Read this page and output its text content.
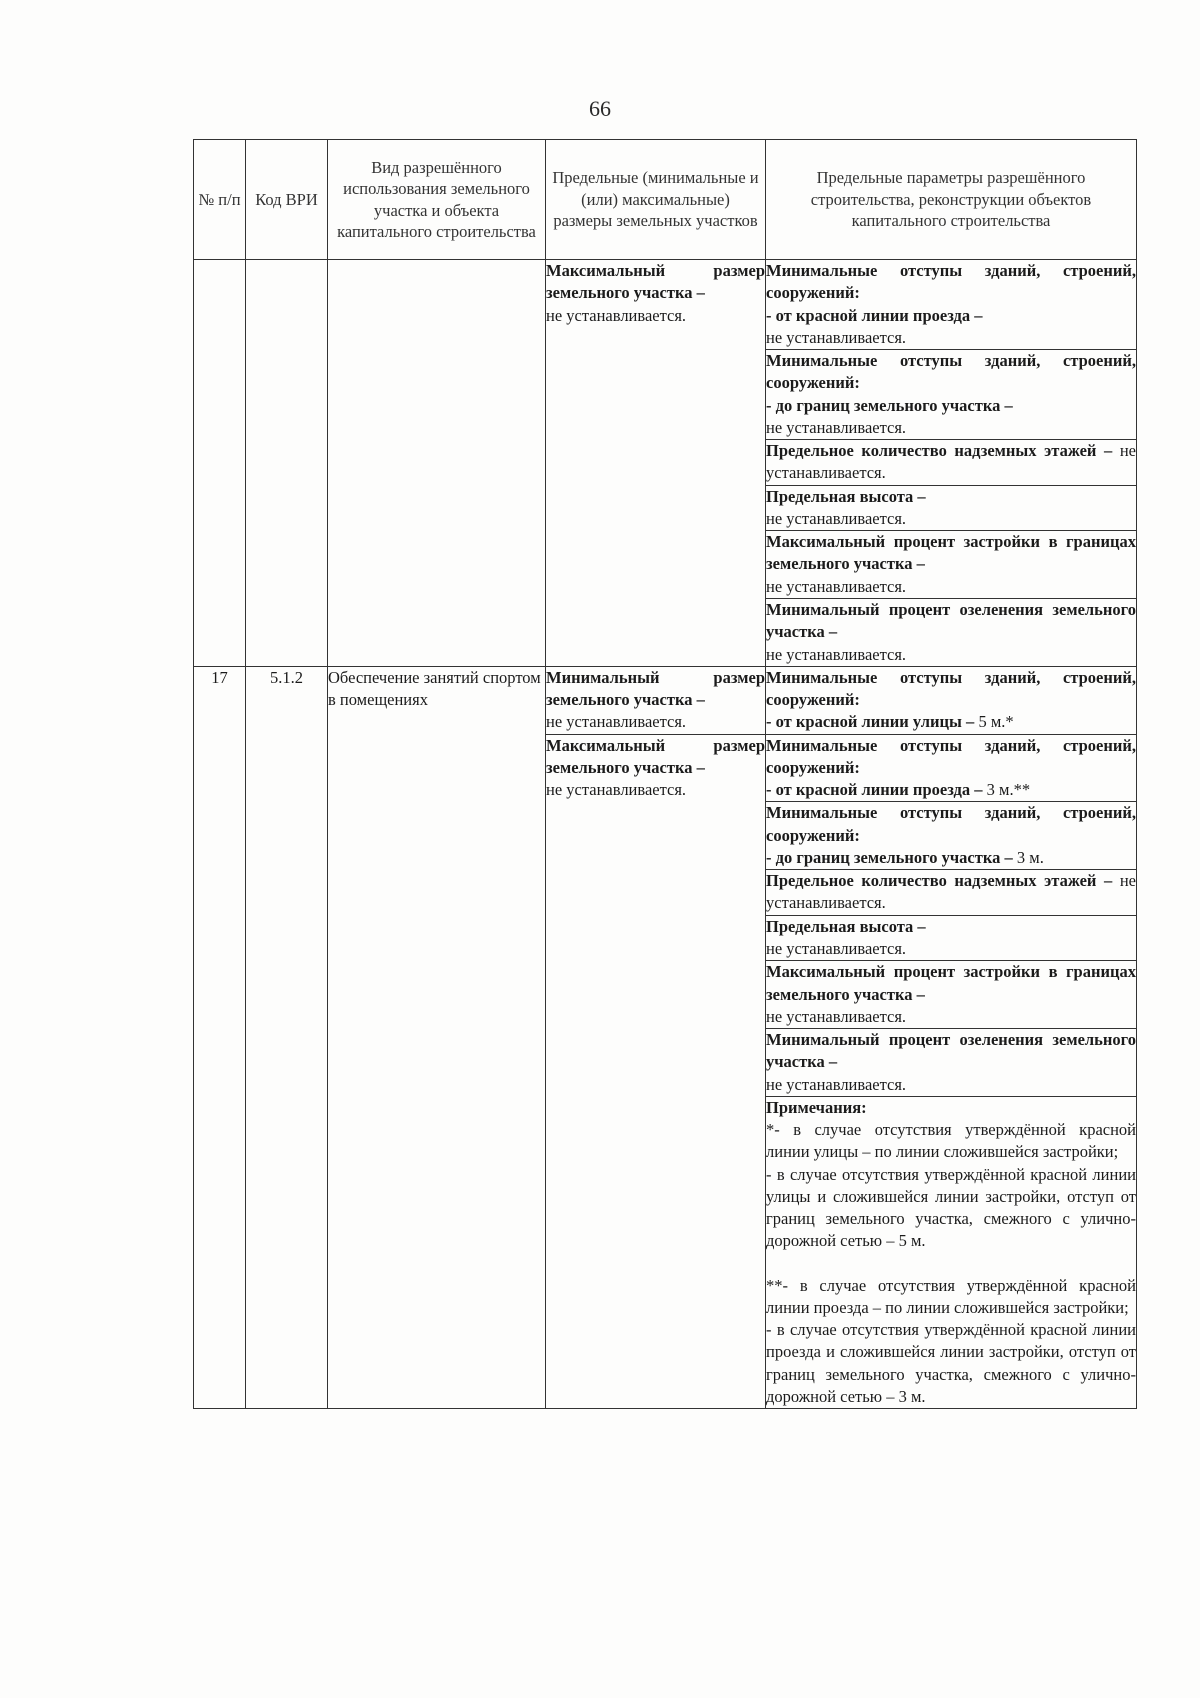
66
№ п/п	Код ВРИ	Вид разрешённого использования земельного участка и объекта капитального строительства	Предельные (минимальные и (или) максимальные) размеры земельных участков	Предельные параметры разрешённого строительства, реконструкции объектов капитального строительства
			Максимальный размер земельного участка –
не устанавливается.	Минимальные отступы зданий, строений, сооружений:
- от красной линии проезда –
не устанавливается.
				Минимальные отступы зданий, строений, сооружений:
- до границ земельного участка –
не устанавливается.
				Предельное количество надземных этажей – не устанавливается.
				Предельная высота –
не устанавливается.
				Максимальный процент застройки в границах земельного участка –
не устанавливается.
				Минимальный процент озеленения земельного участка –
не устанавливается.
17	5.1.2	Обеспечение занятий спортом в помещениях	Минимальный размер земельного участка –
не устанавливается.	Минимальные отступы зданий, строений, сооружений:
- от красной линии улицы – 5 м.*
			Максимальный размер земельного участка –
не устанавливается.	Минимальные отступы зданий, строений, сооружений:
- от красной линии проезда – 3 м.**
				Минимальные отступы зданий, строений, сооружений:
- до границ земельного участка – 3 м.
				Предельное количество надземных этажей – не устанавливается.
				Предельная высота –
не устанавливается.
				Максимальный процент застройки в границах земельного участка –
не устанавливается.
				Минимальный процент озеленения земельного участка –
не устанавливается.

				Примечания:
*- в случае отсутствия утверждённой красной линии улицы – по линии сложившейся застройки;
- в случае отсутствия утверждённой красной линии улицы и сложившейся линии застройки, отступ от границ земельного участка, смежного с улично-дорожной сетью – 5 м.
**- в случае отсутствия утверждённой красной линии проезда – по линии сложившейся застройки;
- в случае отсутствия утверждённой красной линии проезда и сложившейся линии застройки, отступ от границ земельного участка, смежного с улично-дорожной сетью – 3 м.
